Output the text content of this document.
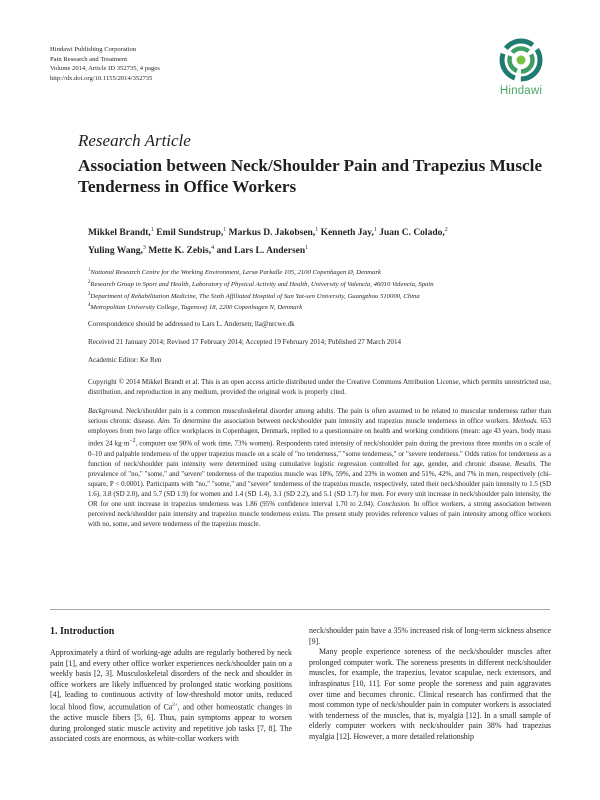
Hindawi Publishing Corporation
Pain Research and Treatment
Volume 2014, Article ID 352735, 4 pages
http://dx.doi.org/10.1155/2014/352735
Hindawi
Research Article
Association between Neck/Shoulder Pain and Trapezius Muscle Tenderness in Office Workers
Mikkel Brandt,$^1$ Emil Sundstrup,$^1$ Markus D. Jakobsen,$^1$ Kenneth Jay,$^1$ Juan C. Colado,$^2$
Yuling Wang,$^3$ Mette K. Zebis,$^4$ and Lars L. Andersen$^1$
$^1$National Research Centre for the Working Environment, Lersø Parkalle 105, 2100 Copenhagen Ø, Denmark
$^2$Research Group in Sport and Health, Laboratory of Physical Activity and Health, University of Valencia, 46010 Valencia, Spain
$^3$Department of Rehabilitation Medicine, The Sixth Affiliated Hospital of Sun Yat-sen University, Guangzhou 510000, China
$^4$Metropolitan University College, Tagensvej 18, 2200 Copenhagen N, Denmark
Correspondence should be addressed to Lars L. Andersen; lla@nrcwe.dk
Received 21 January 2014; Revised 17 February 2014; Accepted 19 February 2014; Published 27 March 2014
Academic Editor: Ke Ren
Copyright © 2014 Mikkel Brandt et al. This is an open access article distributed under the Creative Commons Attribution License, which permits unrestricted use, distribution, and reproduction in any medium, provided the original work is properly cited.
Background. Neck/shoulder pain is a common musculoskeletal disorder among adults. The pain is often assumed to be related to muscular tenderness rather than serious chronic disease. Aim. To determine the association between neck/shoulder pain intensity and trapezius muscle tenderness in office workers. Methods. 653 employees from two large office workplaces in Copenhagen, Denmark, replied to a questionnaire on health and working conditions (mean: age 43 years, body mass index 24 $kg\cdot m^{-2}$, computer use 90% of work time, 73% women). Respondents rated intensity of neck/shoulder pain during the previous three months on a scale of 0–10 and palpable tenderness of the upper trapezius muscle on a scale of "no tenderness," "some tenderness," or "severe tenderness." Odds ratios for tenderness as a function of neck/shoulder pain intensity were determined using cumulative logistic regression controlled for age, gender, and chronic disease. Results. The prevalence of "no," "some," and "severe" tenderness of the trapezius muscle was 18%, 59%, and 23% in women and 51%, 42%, and 7% in men, respectively (chi-square, P < 0.0001). Participants with "no," "some," and "severe" tenderness of the trapezius muscle, respectively, rated their neck/shoulder pain intensity to 1.5 (SD 1.6), 3.8 (SD 2.0), and 5.7 (SD 1.9) for women and 1.4 (SD 1.4), 3.1 (SD 2.2), and 5.1 (SD 1.7) for men. For every unit increase in neck/shoulder pain intensity, the OR for one unit increase in trapezius tenderness was 1.86 (95% confidence interval 1.70 to 2.04). Conclusion. In office workers, a strong association between perceived neck/shoulder pain intensity and trapezius muscle tenderness exists. The present study provides reference values of pain intensity among office workers with no, some, and severe tenderness of the trapezius muscle.
1. Introduction
Approximately a third of working-age adults are regularly bothered by neck pain [1], and every other office worker experiences neck/shoulder pain on a weekly basis [2, 3]. Musculoskeletal disorders of the neck and shoulder in office workers are likely influenced by prolonged static working positions [4], leading to continuous activity of low-threshold motor units, reduced local blood flow, accumulation of $Ca^{2+}$, and other homeostatic changes in the active muscle fibers [5, 6]. Thus, pain symptoms appear to worsen during prolonged static muscle activity and repetitive job tasks [7, 8]. The associated costs are enormous, as white-collar workers with
neck/shoulder pain have a 35% increased risk of long-term sickness absence [9].
Many people experience soreness of the neck/shoulder muscles after prolonged computer work. The soreness presents in different neck/shoulder muscles, for example, the trapezius, levator scapulae, neck extensors, and infraspinatus [10, 11]. For some people the soreness and pain aggravates over time and becomes chronic. Clinical research has confirmed that the most common type of neck/shoulder pain in computer workers is associated with tenderness of the muscles, that is, myalgia [12]. In a small sample of elderly computer workers with neck/shoulder pain 38% had trapezius myalgia [12]. However, a more detailed relationship
